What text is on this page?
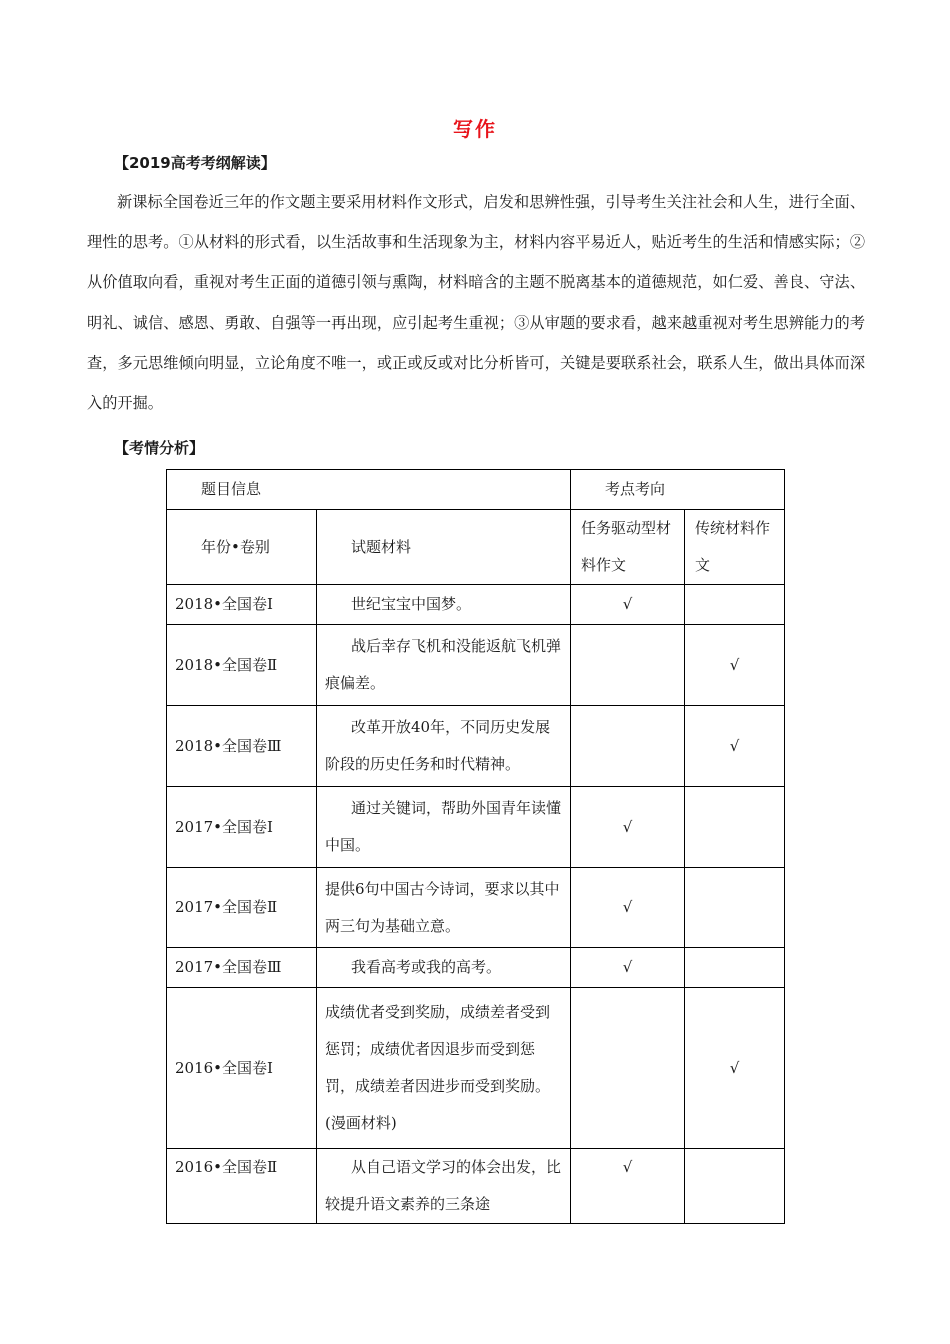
写作
【2019高考考纲解读】
新课标全国卷近三年的作文题主要采用材料作文形式，启发和思辨性强，引导考生关注社会和人生，进行全面、理性的思考。①从材料的形式看，以生活故事和生活现象为主，材料内容平易近人，贴近考生的生活和情感实际；②从价值取向看，重视对考生正面的道德引领与熏陶，材料暗含的主题不脱离基本的道德规范，如仁爱、善良、守法、明礼、诚信、感恩、勇敢、自强等一再出现，应引起考生重视；③从审题的要求看，越来越重视对考生思辨能力的考查，多元思维倾向明显，立论角度不唯一，或正或反或对比分析皆可，关键是要联系社会，联系人生，做出具体而深入的开掘。
【考情分析】
题目信息		考点考向	
年份•卷别	试题材料	任务驱动型材料作文	传统材料作文
2018•全国卷Ⅰ	世纪宝宝中国梦。	√	
2018•全国卷Ⅱ	战后幸存飞机和没能返航飞机弹痕偏差。		√
2018•全国卷Ⅲ	改革开放40年，不同历史发展阶段的历史任务和时代精神。		√
2017•全国卷Ⅰ	通过关键词，帮助外国青年读懂中国。	√	
2017•全国卷Ⅱ	提供6句中国古今诗词，要求以其中两三句为基础立意。	√	
2017•全国卷Ⅲ	我看高考或我的高考。	√	
2016•全国卷Ⅰ	成绩优者受到奖励，成绩差者受到惩罚；成绩优者因退步而受到惩罚，成绩差者因进步而受到奖励。(漫画材料)		√
2016•全国卷Ⅱ	从自己语文学习的体会出发，比较提升语文素养的三条途	√	
